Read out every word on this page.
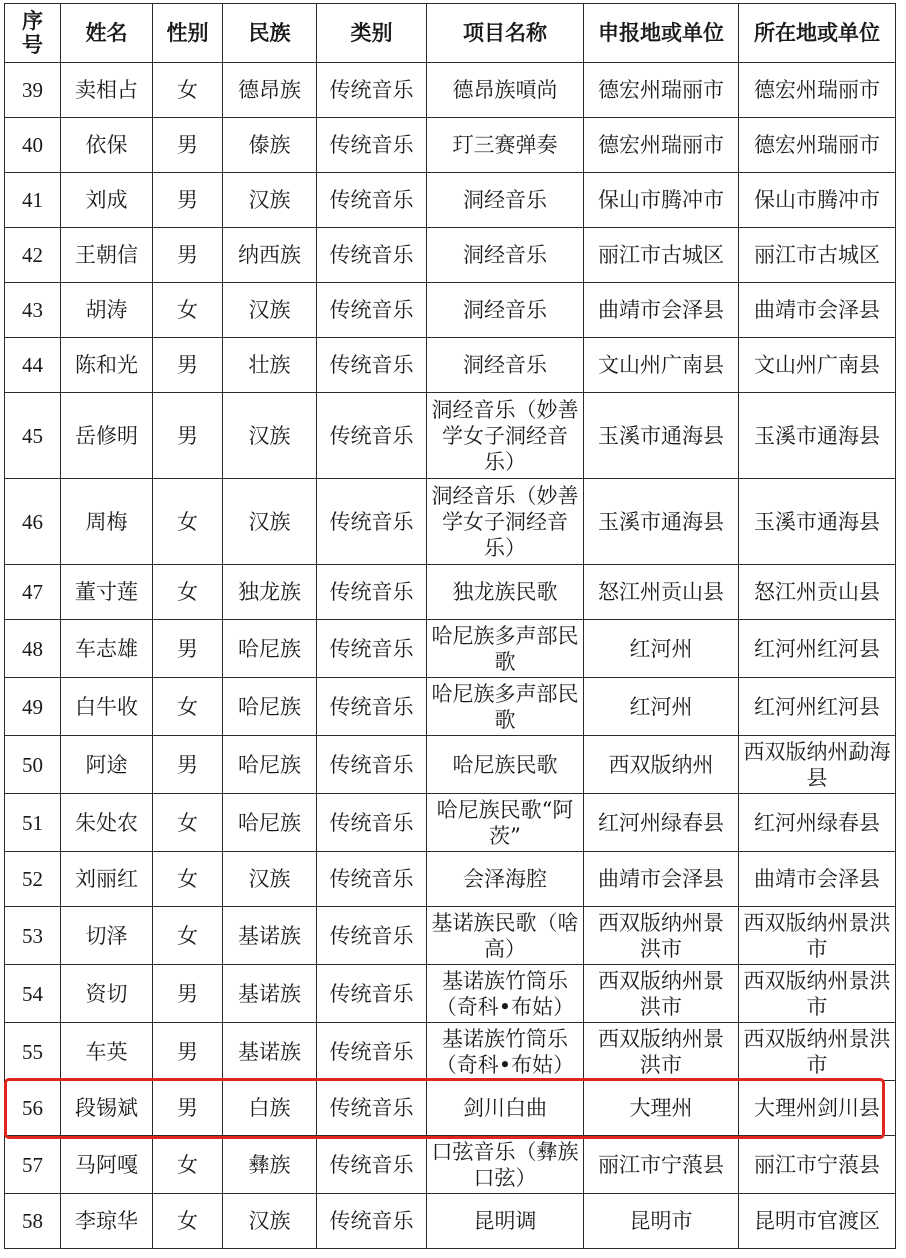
序
号	姓名	性别	民族	类别	项目名称	申报地或单位	所在地或单位
39	卖相占	女	德昂族	传统音乐	德昂族嗊尚	德宏州瑞丽市	德宏州瑞丽市
40	依保	男	傣族	传统音乐	玎三赛弹奏	德宏州瑞丽市	德宏州瑞丽市
41	刘成	男	汉族	传统音乐	洞经音乐	保山市腾冲市	保山市腾冲市
42	王朝信	男	纳西族	传统音乐	洞经音乐	丽江市古城区	丽江市古城区
43	胡涛	女	汉族	传统音乐	洞经音乐	曲靖市会泽县	曲靖市会泽县
44	陈和光	男	壮族	传统音乐	洞经音乐	文山州广南县	文山州广南县
45	岳修明	男	汉族	传统音乐	洞经音乐（妙善学女子洞经音乐）	玉溪市通海县	玉溪市通海县
46	周梅	女	汉族	传统音乐	洞经音乐（妙善学女子洞经音乐）	玉溪市通海县	玉溪市通海县
47	董寸莲	女	独龙族	传统音乐	独龙族民歌	怒江州贡山县	怒江州贡山县
48	车志雄	男	哈尼族	传统音乐	哈尼族多声部民歌	红河州	红河州红河县
49	白牛收	女	哈尼族	传统音乐	哈尼族多声部民歌	红河州	红河州红河县
50	阿途	男	哈尼族	传统音乐	哈尼族民歌	西双版纳州	西双版纳州勐海县
51	朱处农	女	哈尼族	传统音乐	哈尼族民歌“阿茨”	红河州绿春县	红河州绿春县
52	刘丽红	女	汉族	传统音乐	会泽海腔	曲靖市会泽县	曲靖市会泽县
53	切泽	女	基诺族	传统音乐	基诺族民歌（啥高）	西双版纳州景洪市	西双版纳州景洪市
54	资切	男	基诺族	传统音乐	基诺族竹筒乐（奇科•布姑）	西双版纳州景洪市	西双版纳州景洪市
55	车英	男	基诺族	传统音乐	基诺族竹筒乐（奇科•布姑）	西双版纳州景洪市	西双版纳州景洪市
56	段锡斌	男	白族	传统音乐	剑川白曲	大理州	大理州剑川县
57	马阿嘎	女	彝族	传统音乐	口弦音乐（彝族口弦）	丽江市宁蒗县	丽江市宁蒗县
58	李琼华	女	汉族	传统音乐	昆明调	昆明市	昆明市官渡区
